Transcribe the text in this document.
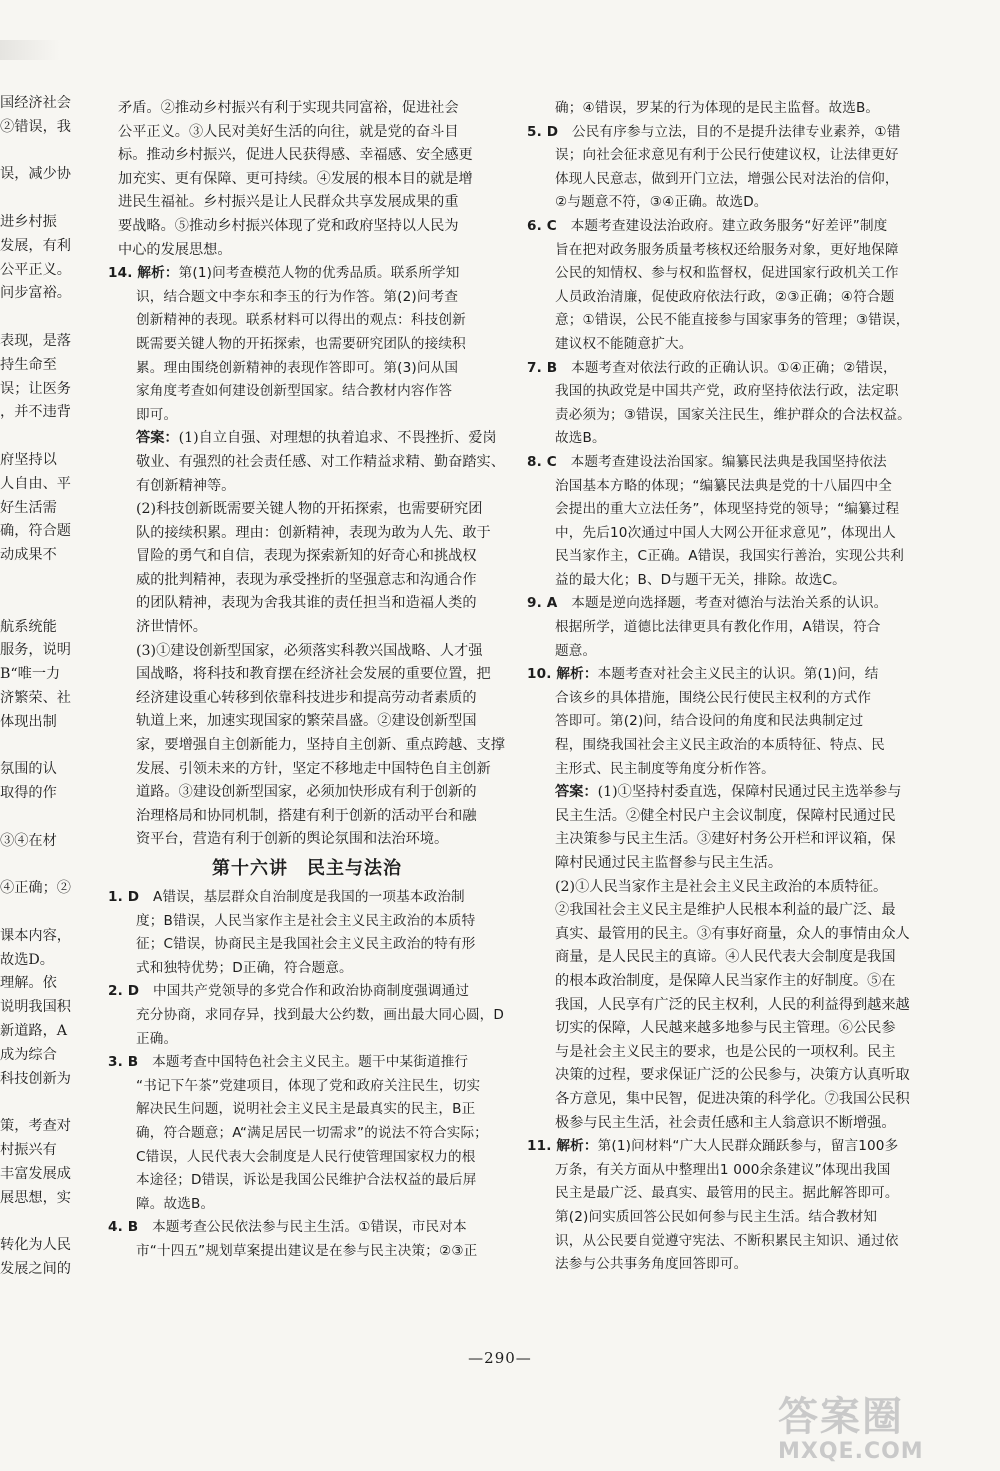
国经济社会
②错误，我

误，减少协

进乡村振
发展，有利
公平正义。
问步富裕。

表现，是落
持生命至
误；让医务
，并不违背

府坚持以
人自由、平
好生活需
确，符合题
动成果不

航系统能
服务，说明
B“唯一力
济繁荣、社
体现出制

氛围的认
取得的作

③④在材

④正确；②

课本内容，
故选D。
理解。依
说明我国积
新道路，A
成为综合
科技创新为

策，考查对
村振兴有
丰富发展成
展思想，实

转化为人民
发展之间的
矛盾。②推动乡村振兴有利于实现共同富裕，促进社会
公平正义。③人民对美好生活的向往，就是党的奋斗目
标。推动乡村振兴，促进人民获得感、幸福感、安全感更
加充实、更有保障、更可持续。④发展的根本目的就是增
进民生福祉。乡村振兴是让人民群众共享发展成果的重
要战略。⑤推动乡村振兴体现了党和政府坚持以人民为
中心的发展思想。
14. 解析：第(1)问考查模范人物的优秀品质。联系所学知
识，结合题文中李东和李玉的行为作答。第(2)问考查
创新精神的表现。联系材料可以得出的观点：科技创新
既需要关键人物的开拓探索，也需要研究团队的接续积
累。理由围绕创新精神的表现作答即可。第(3)问从国
家角度考查如何建设创新型国家。结合教材内容作答
即可。
答案：(1)自立自强、对理想的执着追求、不畏挫折、爱岗
敬业、有强烈的社会责任感、对工作精益求精、勤奋踏实、
有创新精神等。
(2)科技创新既需要关键人物的开拓探索，也需要研究团
队的接续积累。理由：创新精神，表现为敢为人先、敢于
冒险的勇气和自信，表现为探索新知的好奇心和挑战权
威的批判精神，表现为承受挫折的坚强意志和沟通合作
的团队精神，表现为舍我其谁的责任担当和造福人类的
济世情怀。
(3)①建设创新型国家，必须落实科教兴国战略、人才强
国战略，将科技和教育摆在经济社会发展的重要位置，把
经济建设重心转移到依靠科技进步和提高劳动者素质的
轨道上来，加速实现国家的繁荣昌盛。②建设创新型国
家，要增强自主创新能力，坚持自主创新、重点跨越、支撑
发展、引领未来的方针，坚定不移地走中国特色自主创新
道路。③建设创新型国家，必须加快形成有利于创新的
治理格局和协同机制，搭建有利于创新的活动平台和融
资平台，营造有利于创新的舆论氛围和法治环境。
第十六讲　民主与法治
1. D　A错误，基层群众自治制度是我国的一项基本政治制
度；B错误，人民当家作主是社会主义民主政治的本质特
征；C错误，协商民主是我国社会主义民主政治的特有形
式和独特优势；D正确，符合题意。
2. D　中国共产党领导的多党合作和政治协商制度强调通过
充分协商，求同存异，找到最大公约数，画出最大同心圆，D
正确。
3. B　本题考查中国特色社会主义民主。题干中某街道推行
“书记下午茶”党建项目，体现了党和政府关注民生，切实
解决民生问题，说明社会主义民主是最真实的民主，B正
确，符合题意；A“满足居民一切需求”的说法不符合实际；
C错误，人民代表大会制度是人民行使管理国家权力的根
本途径；D错误，诉讼是我国公民维护合法权益的最后屏
障。故选B。
4. B　本题考查公民依法参与民主生活。①错误，市民对本
市“十四五”规划草案提出建议是在参与民主决策；②③正
确；④错误，罗某的行为体现的是民主监督。故选B。
5. D　公民有序参与立法，目的不是提升法律专业素养，①错
误；向社会征求意见有利于公民行使建议权，让法律更好
体现人民意志，做到开门立法，增强公民对法治的信仰，
②与题意不符，③④正确。故选D。
6. C　本题考查建设法治政府。建立政务服务“好差评”制度
旨在把对政务服务质量考核权还给服务对象，更好地保障
公民的知情权、参与权和监督权，促进国家行政机关工作
人员政治清廉，促使政府依法行政，②③正确；④符合题
意；①错误，公民不能直接参与国家事务的管理；③错误，
建议权不能随意扩大。
7. B　本题考查对依法行政的正确认识。①④正确；②错误，
我国的执政党是中国共产党，政府坚持依法行政，法定职
责必须为；③错误，国家关注民生，维护群众的合法权益。
故选B。
8. C　本题考查建设法治国家。编纂民法典是我国坚持依法
治国基本方略的体现；“编纂民法典是党的十八届四中全
会提出的重大立法任务”，体现坚持党的领导；“编纂过程
中，先后10次通过中国人大网公开征求意见”，体现出人
民当家作主，C正确。A错误，我国实行善治，实现公共利
益的最大化；B、D与题干无关，排除。故选C。
9. A　本题是逆向选择题，考查对德治与法治关系的认识。
根据所学，道德比法律更具有教化作用，A错误，符合
题意。
10. 解析：本题考查对社会主义民主的认识。第(1)问，结
合该乡的具体措施，围绕公民行使民主权利的方式作
答即可。第(2)问，结合设问的角度和民法典制定过
程，围绕我国社会主义民主政治的本质特征、特点、民
主形式、民主制度等角度分析作答。
答案：(1)①坚持村委直选，保障村民通过民主选举参与
民主生活。②健全村民户主会议制度，保障村民通过民
主决策参与民主生活。③建好村务公开栏和评议箱，保
障村民通过民主监督参与民主生活。
(2)①人民当家作主是社会主义民主政治的本质特征。
②我国社会主义民主是维护人民根本利益的最广泛、最
真实、最管用的民主。③有事好商量，众人的事情由众人
商量，是人民民主的真谛。④人民代表大会制度是我国
的根本政治制度，是保障人民当家作主的好制度。⑤在
我国，人民享有广泛的民主权利，人民的利益得到越来越
切实的保障，人民越来越多地参与民主管理。⑥公民参
与是社会主义民主的要求，也是公民的一项权利。民主
决策的过程，要求保证广泛的公民参与，决策方认真听取
各方意见，集中民智，促进决策的科学化。⑦我国公民积
极参与民主生活，社会责任感和主人翁意识不断增强。
11. 解析：第(1)问材料“广大人民群众踊跃参与，留言100多
万条，有关方面从中整理出1 000余条建议”体现出我国
民主是最广泛、最真实、最管用的民主。据此解答即可。
第(2)问实质回答公民如何参与民主生活。结合教材知
识，从公民要自觉遵守宪法、不断积累民主知识、通过依
法参与公共事务角度回答即可。
—290—
答案圈
MXQE.COM
